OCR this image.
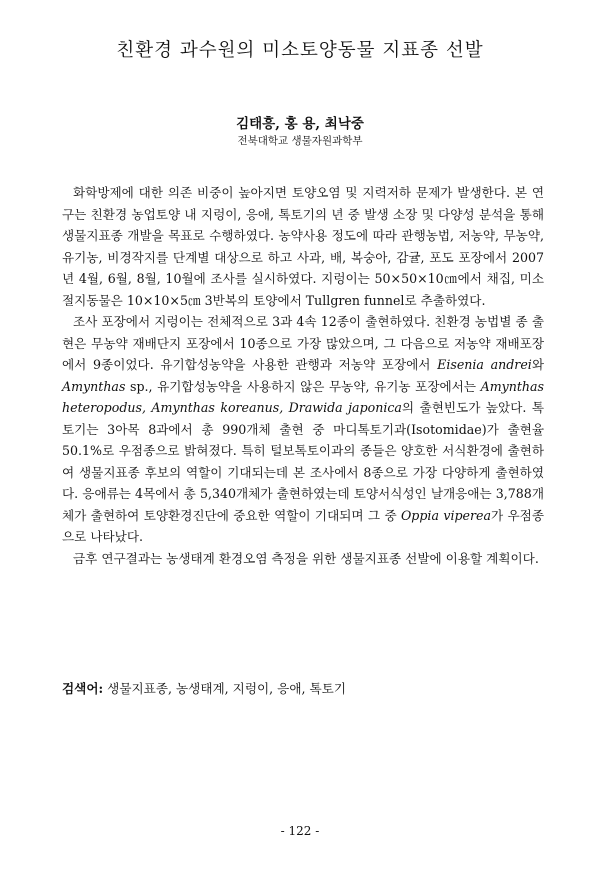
친환경 과수원의 미소토양동물 지표종 선발
김태흥, 홍 용, 최낙중
전북대학교 생물자원과학부

화학방제에 대한 의존 비중이 높아지면 토양오염 및 지력저하 문제가 발생한다. 본 연구는 친환경 농업토양 내 지렁이, 응애, 톡토기의 년 중 발생 소장 및 다양성 분석을 통해 생물지표종 개발을 목표로 수행하였다. 농약사용 정도에 따라 관행농법, 저농약, 무농약, 유기농, 비경작지를 단계별 대상으로 하고 사과, 배, 복숭아, 감귤, 포도 포장에서 2007년 4월, 6월, 8월, 10월에 조사를 실시하였다. 지렁이는 50×50×10㎝에서 채집, 미소절지동물은 10×10×5㎝ 3반복의 토양에서 Tullgren funnel로 추출하였다.

조사 포장에서 지렁이는 전체적으로 3과 4속 12종이 출현하였다. 친환경 농법별 종 출현은 무농약 재배단지 포장에서 10종으로 가장 많았으며, 그 다음으로 저농약 재배포장에서 9종이었다. 유기합성농약을 사용한 관행과 저농약 포장에서 Eisenia andrei와 Amynthas sp., 유기합성농약을 사용하지 않은 무농약, 유기농 포장에서는 Amynthas heteropodus, Amynthas koreanus, Drawida japonica의 출현빈도가 높았다. 톡토기는 3아목 8과에서 총 990개체 출현 중 마디톡토기과(Isotomidae)가 출현율 50.1%로 우점종으로 밝혀졌다. 특히 털보톡토이과의 종들은 양호한 서식환경에 출현하여 생물지표종 후보의 역할이 기대되는데 본 조사에서 8종으로 가장 다양하게 출현하였다. 응애류는 4목에서 총 5,340개체가 출현하였는데 토양서식성인 날개응애는 3,788개체가 출현하여 토양환경진단에 중요한 역할이 기대되며 그 중 Oppia viperea가 우점종으로 나타났다.

금후 연구결과는 농생태계 환경오염 측정을 위한 생물지표종 선발에 이용할 계획이다.

검색어: 생물지표종, 농생태계, 지렁이, 응애, 톡토기
- 122 -
